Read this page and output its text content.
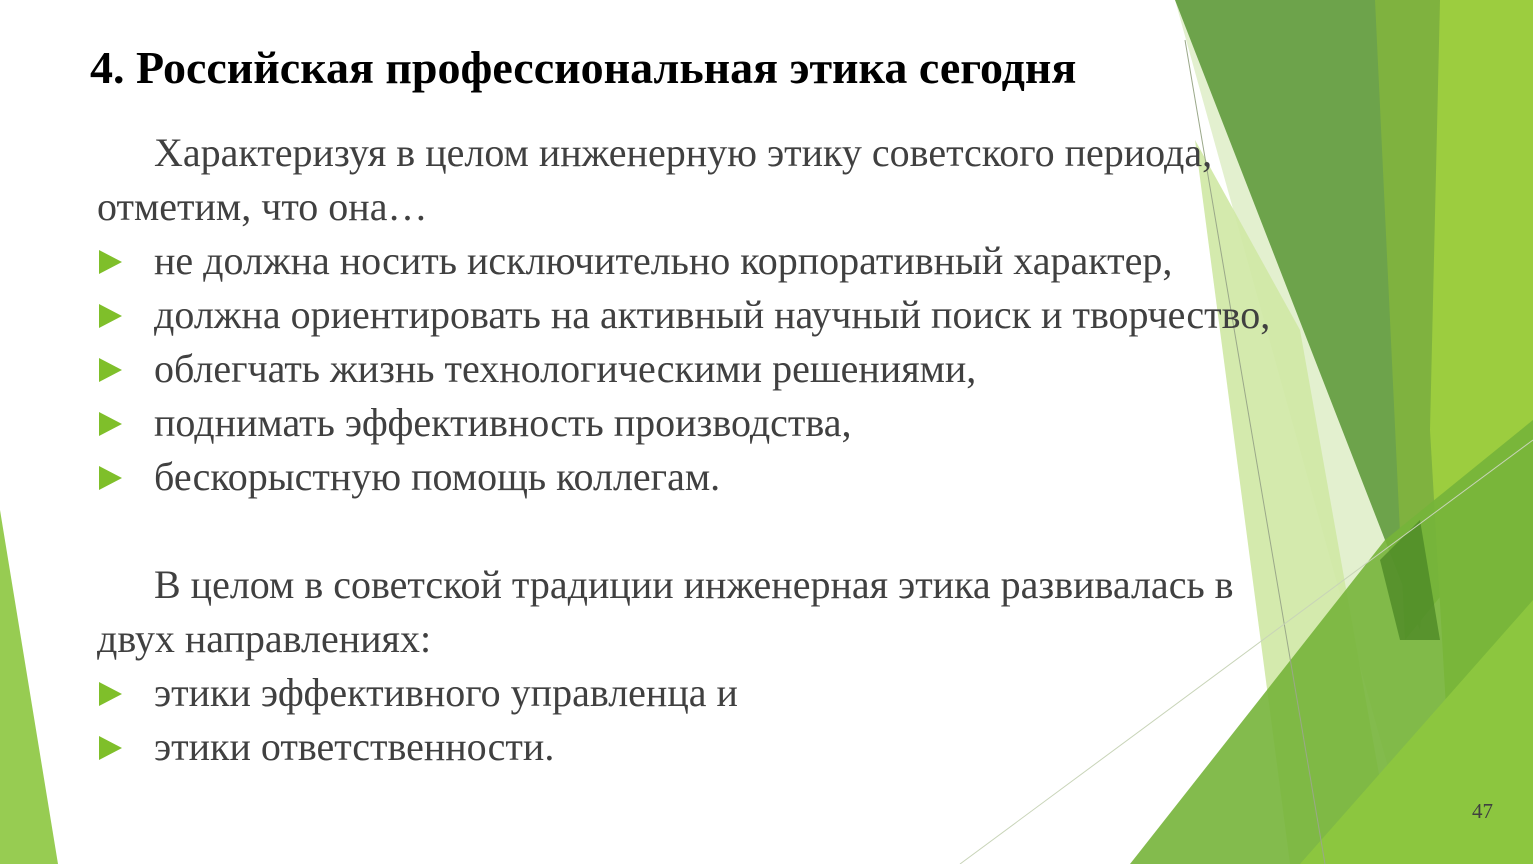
4. Российская профессиональная этика сегодня

Характеризуя в целом инженерную этику советского периода, отметим, что она…

не должна носить исключительно корпоративный характер,

должна ориентировать на активный научный поиск и творчество,

облегчать жизнь технологическими решениями,

поднимать эффективность производства,

бескорыстную помощь коллегам.

В целом в советской традиции инженерная этика развивалась в двух направлениях:

этики эффективного управленца и

этики ответственности.

47
